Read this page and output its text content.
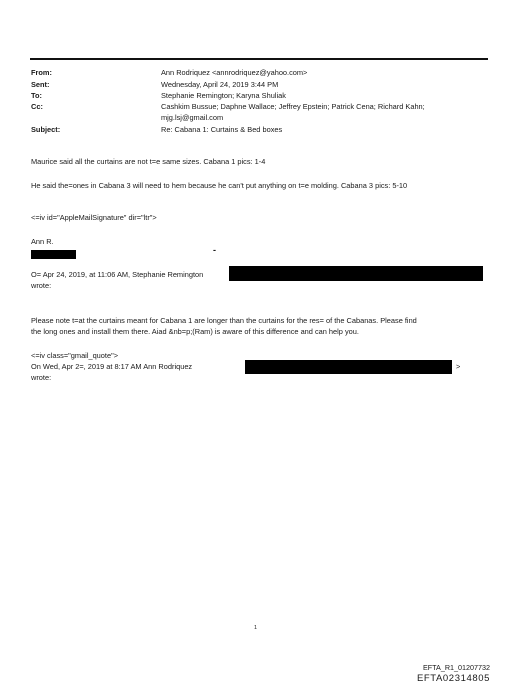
From:	Ann Rodriquez <annrodriquez@yahoo.com>
Sent:	Wednesday, April 24, 2019 3:44 PM
To:	Stephanie Remington; Karyna Shuliak
Cc:	Cashkim Bussue; Daphne Wallace; Jeffrey Epstein; Patrick Cena; Richard Kahn;
mjg.lsj@gmail.com
Subject:	Re: Cabana 1: Curtains & Bed boxes
Maurice said all the curtains are not t=e same sizes. Cabana 1 pics: 1-4
He said the=ones in Cabana 3 will need to hem because he can't put anything on t=e molding. Cabana 3 pics: 5-10
<=iv id="AppleMailSignature" dir="ltr">
Ann R.
-
O= Apr 24, 2019, at 11:06 AM, Stephanie Remington
wrote:
Please note t=at the curtains meant for Cabana 1 are longer than the curtains for the res= of the Cabanas. Please find
the long ones and install them there. Aiad &nb=p;(Ram) is aware of this difference and can help you.
<=iv class="gmail_quote">
On Wed, Apr 2=, 2019 at 8:17 AM Ann Rodriquez	>
wrote:
1
EFTA_R1_01207732
EFTA02314805
